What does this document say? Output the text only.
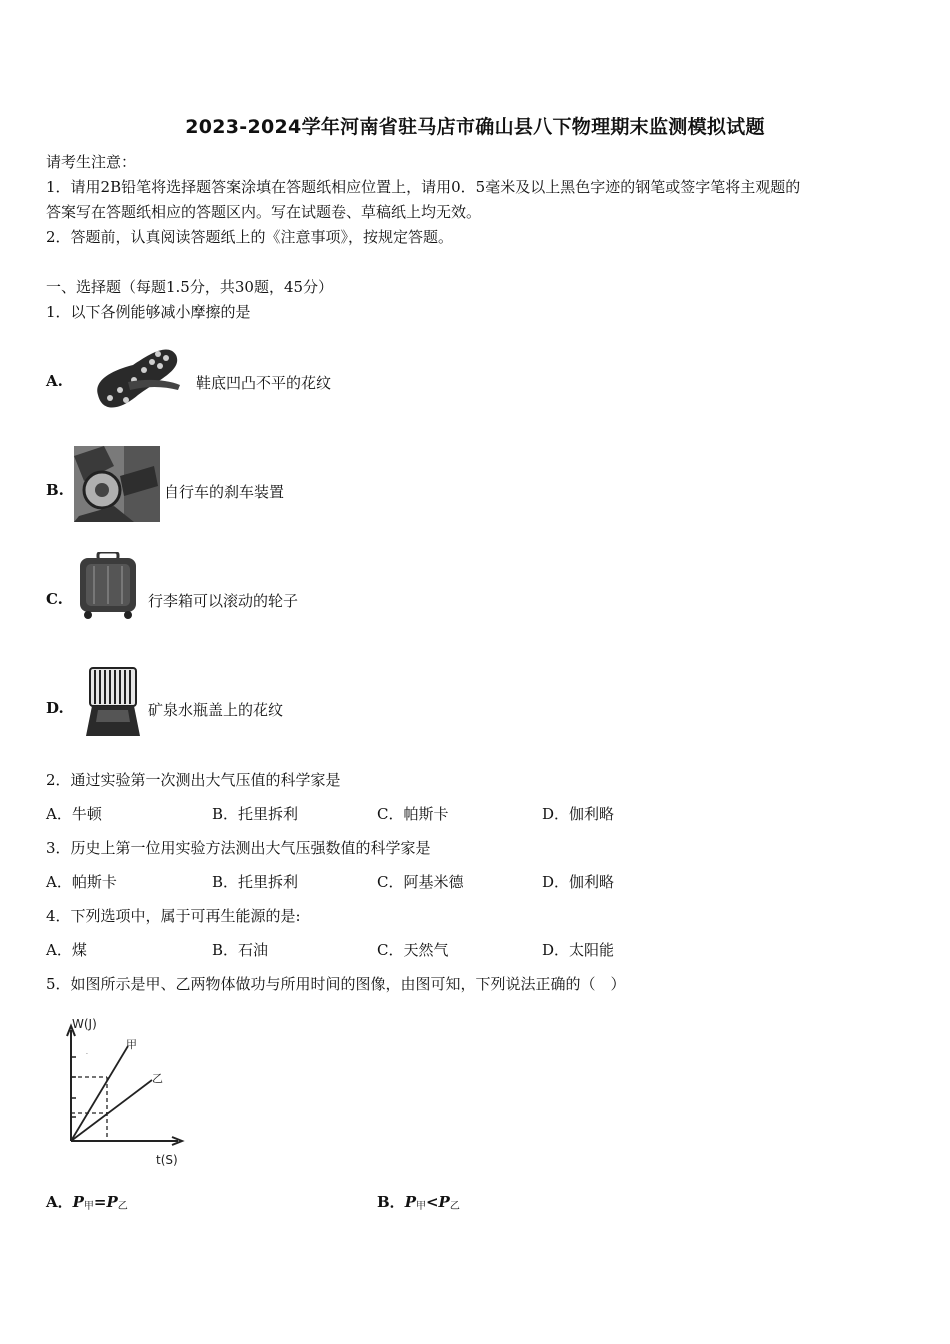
2023-2024学年河南省驻马店市确山县八下物理期末监测模拟试题
请考生注意：
1．请用2B铅笔将选择题答案涂填在答题纸相应位置上，请用0．5毫米及以上黑色字迹的钢笔或签字笔将主观题的
答案写在答题纸相应的答题区内。写在试题卷、草稿纸上均无效。
2．答题前，认真阅读答题纸上的《注意事项》，按规定答题。
一、选择题（每题1.5分，共30题，45分）
1．以下各例能够减小摩擦的是
A.	鞋底凹凸不平的花纹
B.	自行车的刹车装置
C.	行李箱可以滚动的轮子
D.	矿泉水瓶盖上的花纹
2．通过实验第一次测出大气压值的科学家是
A．牛顿	B．托里拆利	C．帕斯卡	D．伽利略
3．历史上第一位用实验方法测出大气压强数值的科学家是
A．帕斯卡	B．托里拆利	C．阿基米德	D．伽利略
4．下列选项中，属于可再生能源的是:
A．煤	B．石油	C．天然气	D．太阳能
5．如图所示是甲、乙两物体做功与所用时间的图像，由图可知，下列说法正确的（　）
.
W(J)
t(S)
甲
乙
A．$P_甲=P_乙$	B．$P_甲<P_乙$
